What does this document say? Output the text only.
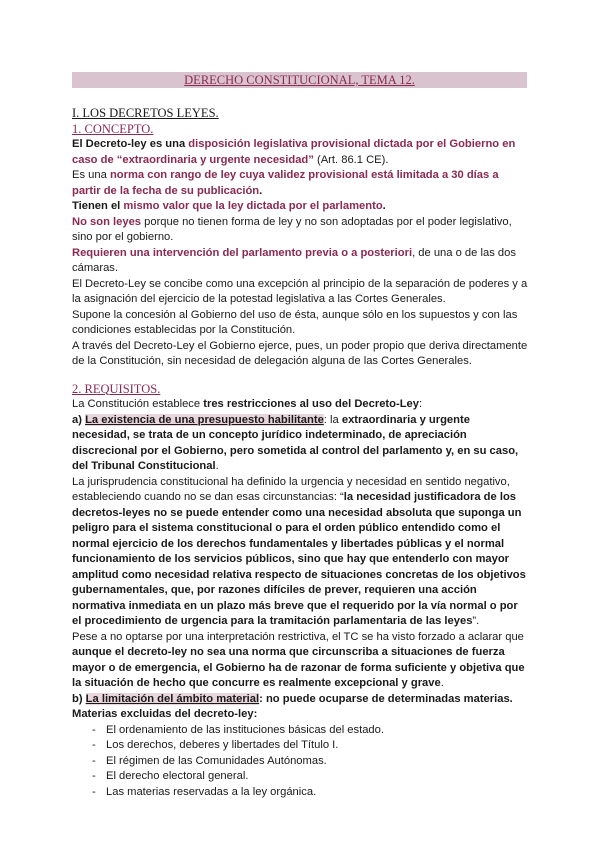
DERECHO CONSTITUCIONAL, TEMA 12.
I. LOS DECRETOS LEYES.
1. CONCEPTO.

El Decreto-ley es una disposición legislativa provisional dictada por el Gobierno en caso de “extraordinaria y urgente necesidad” (Art. 86.1 CE).

Es una norma con rango de ley cuya validez provisional está limitada a 30 días a partir de la fecha de su publicación.

Tienen el mismo valor que la ley dictada por el parlamento.

No son leyes porque no tienen forma de ley y no son adoptadas por el poder legislativo, sino por el gobierno.

Requieren una intervención del parlamento previa o a posteriori, de una o de las dos cámaras.

El Decreto-Ley se concibe como una excepción al principio de la separación de poderes y a la asignación del ejercicio de la potestad legislativa a las Cortes Generales.

Supone la concesión al Gobierno del uso de ésta, aunque sólo en los supuestos y con las condiciones establecidas por la Constitución.

A través del Decreto-Ley el Gobierno ejerce, pues, un poder propio que deriva directamente de la Constitución, sin necesidad de delegación alguna de las Cortes Generales.

2. REQUISITOS.

La Constitución establece tres restricciones al uso del Decreto-Ley:

a) La existencia de una presupuesto habilitante: la extraordinaria y urgente necesidad, se trata de un concepto jurídico indeterminado, de apreciación discrecional por el Gobierno, pero sometida al control del parlamento y, en su caso, del Tribunal Constitucional.

La jurisprudencia constitucional ha definido la urgencia y necesidad en sentido negativo, estableciendo cuando no se dan esas circunstancias: “la necesidad justificadora de los decretos-leyes no se puede entender como una necesidad absoluta que suponga un peligro para el sistema constitucional o para el orden público entendido como el normal ejercicio de los derechos fundamentales y libertades públicas y el normal funcionamiento de los servicios públicos, sino que hay que entenderlo con mayor amplitud como necesidad relativa respecto de situaciones concretas de los objetivos gubernamentales, que, por razones difíciles de prever, requieren una acción normativa inmediata en un plazo más breve que el requerido por la vía normal o por el procedimiento de urgencia para la tramitación parlamentaria de las leyes”.

Pese a no optarse por una interpretación restrictiva, el TC se ha visto forzado a aclarar que aunque el decreto-ley no sea una norma que circunscriba a situaciones de fuerza mayor o de emergencia, el Gobierno ha de razonar de forma suficiente y objetiva que la situación de hecho que concurre es realmente excepcional y grave.

b) La limitación del ámbito material: no puede ocuparse de determinadas materias.

Materias excluidas del decreto-ley:

- El ordenamiento de las instituciones básicas del estado.
- Los derechos, deberes y libertades del Título I.
- El régimen de las Comunidades Autónomas.
- El derecho electoral general.
- Las materias reservadas a la ley orgánica.
